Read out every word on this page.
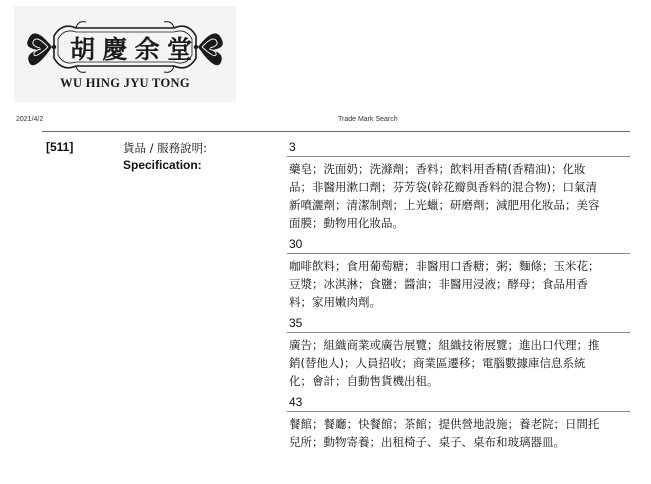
胡 慶 余 堂
WU HING JYU TONG
2021/4/2	Trade Mark Search
[511]	貨品 / 服務說明:
Specification:
3
藥皂；洗面奶；洗滌劑；香料；飲料用香精(香精油)；化妝
品；非醫用漱口劑；芬芳袋(幹花瓣與香料的混合物)；口氣清
新噴灑劑；清潔制劑；上光蠟；研磨劑；減肥用化妝品；美容
面膜；動物用化妝品。
30
咖啡飲料；食用葡萄糖；非醫用口香糖；粥；麵條；玉米花；
豆漿；冰淇淋；食鹽；醬油；非醫用浸液；酵母；食品用香
料；家用嫩肉劑。
35
廣告；組織商業或廣告展覽；組織技術展覽；進出口代理；推
銷(替他人)；人員招收；商業區遷移；電腦數據庫信息系統
化；會計；自動售貨機出租。
43
餐館；餐廳；快餐館；茶館；提供營地設施；養老院；日間托
兒所；動物寄養；出租椅子、桌子、桌布和玻璃器皿。
